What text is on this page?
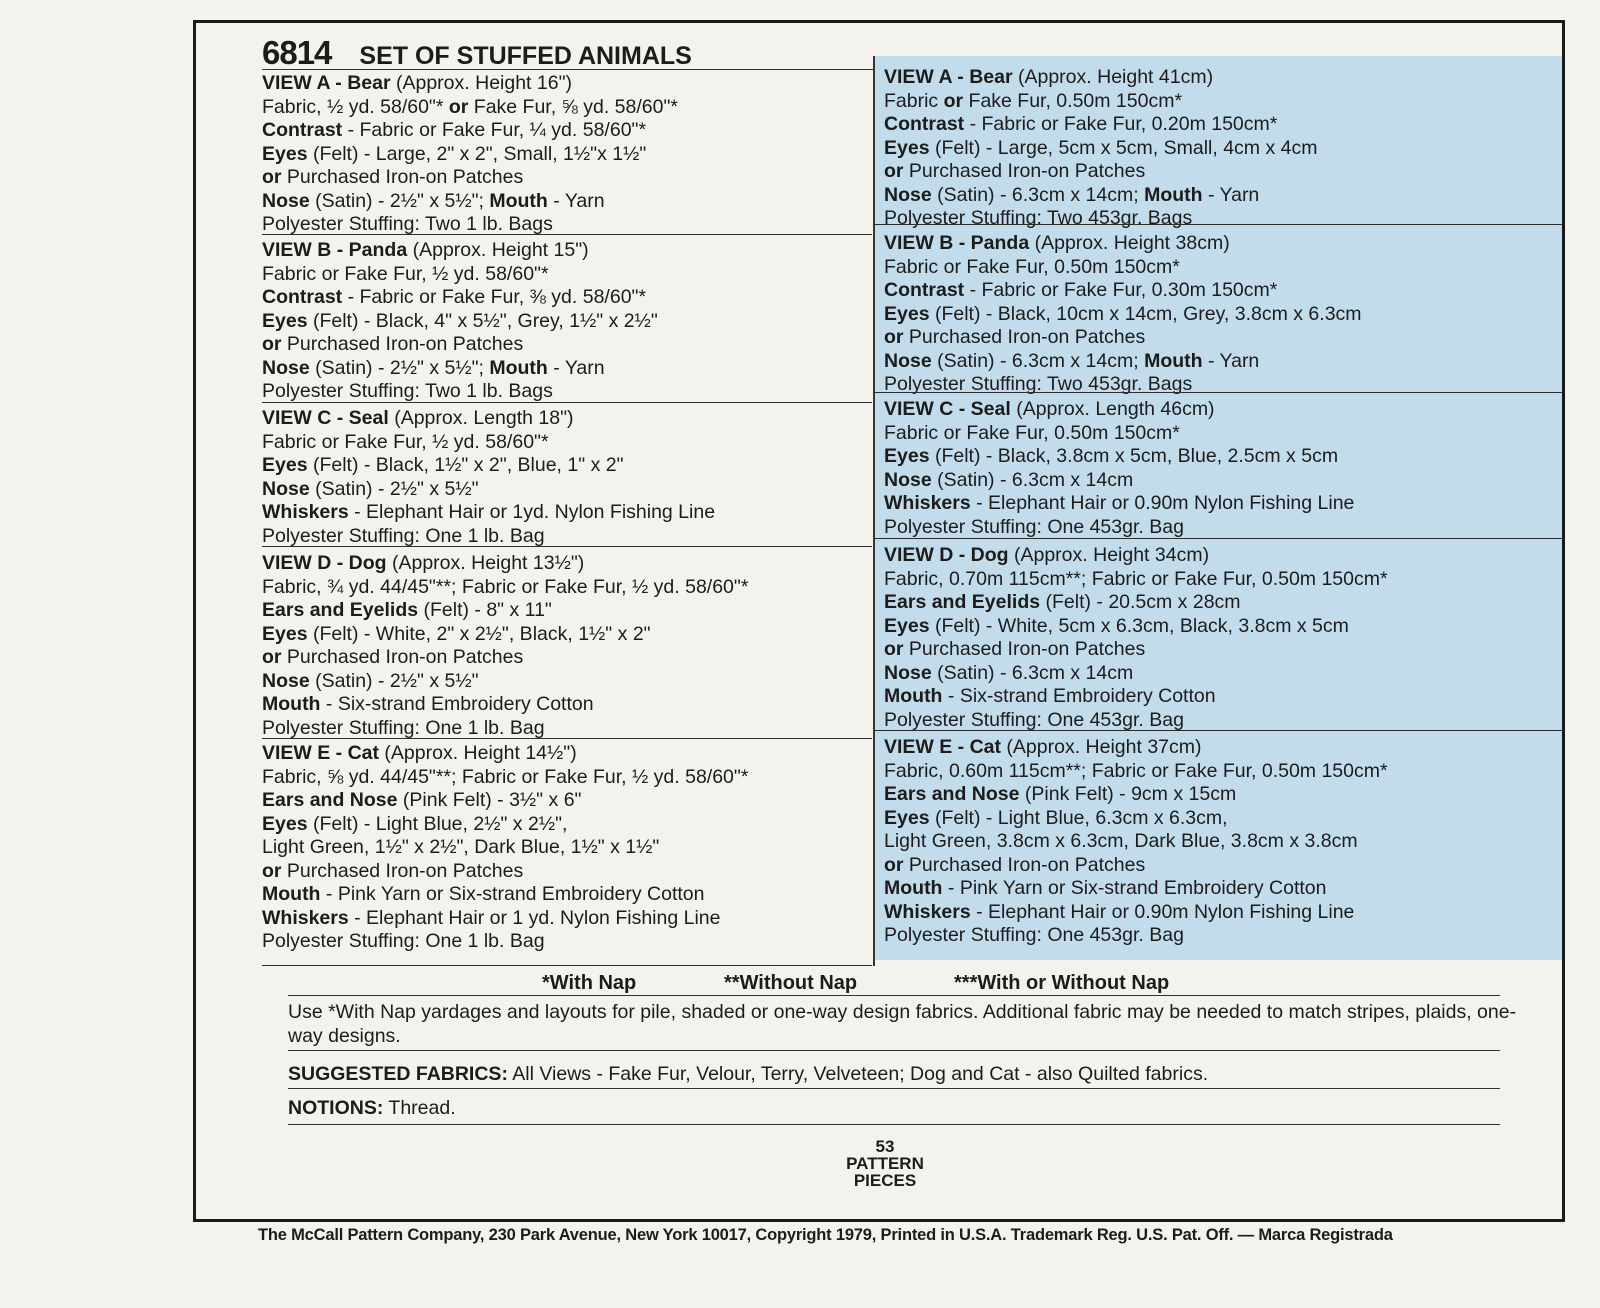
6814 SET OF STUFFED ANIMALS
VIEW A - Bear (Approx. Height 41cm)
Fabric or Fake Fur, 0.50m 150cm*
Contrast - Fabric or Fake Fur, 0.20m 150cm*
Eyes (Felt) - Large, 5cm x 5cm, Small, 4cm x 4cm
or Purchased Iron-on Patches
Nose (Satin) - 6.3cm x 14cm; Mouth - Yarn
Polyester Stuffing: Two 453gr. Bags
VIEW B - Panda (Approx. Height 38cm)
Fabric or Fake Fur, 0.50m 150cm*
Contrast - Fabric or Fake Fur, 0.30m 150cm*
Eyes (Felt) - Black, 10cm x 14cm, Grey, 3.8cm x 6.3cm
or Purchased Iron-on Patches
Nose (Satin) - 6.3cm x 14cm; Mouth - Yarn
Polyester Stuffing: Two 453gr. Bags
VIEW C - Seal (Approx. Length 46cm)
Fabric or Fake Fur, 0.50m 150cm*
Eyes (Felt) - Black, 3.8cm x 5cm, Blue, 2.5cm x 5cm
Nose (Satin) - 6.3cm x 14cm
Whiskers - Elephant Hair or 0.90m Nylon Fishing Line
Polyester Stuffing: One 453gr. Bag
VIEW D - Dog (Approx. Height 34cm)
Fabric, 0.70m 115cm**; Fabric or Fake Fur, 0.50m 150cm*
Ears and Eyelids (Felt) - 20.5cm x 28cm
Eyes (Felt) - White, 5cm x 6.3cm, Black, 3.8cm x 5cm
or Purchased Iron-on Patches
Nose (Satin) - 6.3cm x 14cm
Mouth - Six-strand Embroidery Cotton
Polyester Stuffing: One 453gr. Bag
VIEW E - Cat (Approx. Height 37cm)
Fabric, 0.60m 115cm**; Fabric or Fake Fur, 0.50m 150cm*
Ears and Nose (Pink Felt) - 9cm x 15cm
Eyes (Felt) - Light Blue, 6.3cm x 6.3cm,
Light Green, 3.8cm x 6.3cm, Dark Blue, 3.8cm x 3.8cm
or Purchased Iron-on Patches
Mouth - Pink Yarn or Six-strand Embroidery Cotton
Whiskers - Elephant Hair or 0.90m Nylon Fishing Line
Polyester Stuffing: One 453gr. Bag
VIEW A - Bear (Approx. Height 16")
Fabric, ½ yd. 58/60"* or Fake Fur, ⅝ yd. 58/60"*
Contrast - Fabric or Fake Fur, ¼ yd. 58/60"*
Eyes (Felt) - Large, 2" x 2", Small, 1½"x 1½"
or Purchased Iron-on Patches
Nose (Satin) - 2½" x 5½"; Mouth - Yarn
Polyester Stuffing: Two 1 lb. Bags
VIEW B - Panda (Approx. Height 15")
Fabric or Fake Fur, ½ yd. 58/60"*
Contrast - Fabric or Fake Fur, ⅜ yd. 58/60"*
Eyes (Felt) - Black, 4" x 5½", Grey, 1½" x 2½"
or Purchased Iron-on Patches
Nose (Satin) - 2½" x 5½"; Mouth - Yarn
Polyester Stuffing: Two 1 lb. Bags
VIEW C - Seal (Approx. Length 18")
Fabric or Fake Fur, ½ yd. 58/60"*
Eyes (Felt) - Black, 1½" x 2", Blue, 1" x 2"
Nose (Satin) - 2½" x 5½"
Whiskers - Elephant Hair or 1yd. Nylon Fishing Line
Polyester Stuffing: One 1 lb. Bag
VIEW D - Dog (Approx. Height 13½")
Fabric, ¾ yd. 44/45"**; Fabric or Fake Fur, ½ yd. 58/60"*
Ears and Eyelids (Felt) - 8" x 11"
Eyes (Felt) - White, 2" x 2½", Black, 1½" x 2"
or Purchased Iron-on Patches
Nose (Satin) - 2½" x 5½"
Mouth - Six-strand Embroidery Cotton
Polyester Stuffing: One 1 lb. Bag
VIEW E - Cat (Approx. Height 14½")
Fabric, ⅝ yd. 44/45"**; Fabric or Fake Fur, ½ yd. 58/60"*
Ears and Nose (Pink Felt) - 3½" x 6"
Eyes (Felt) - Light Blue, 2½" x 2½",
Light Green, 1½" x 2½", Dark Blue, 1½" x 1½"
or Purchased Iron-on Patches
Mouth - Pink Yarn or Six-strand Embroidery Cotton
Whiskers - Elephant Hair or 1 yd. Nylon Fishing Line
Polyester Stuffing: One 1 lb. Bag
*With Nap	**Without Nap	***With or Without Nap
Use *With Nap yardages and layouts for pile, shaded or one-way design fabrics. Additional fabric may be needed to match stripes, plaids, one-way designs.
SUGGESTED FABRICS: All Views - Fake Fur, Velour, Terry, Velveteen; Dog and Cat - also Quilted fabrics.
NOTIONS: Thread.
53
PATTERN
PIECES
The McCall Pattern Company, 230 Park Avenue, New York 10017, Copyright 1979, Printed in U.S.A. Trademark Reg. U.S. Pat. Off. — Marca Registrada
